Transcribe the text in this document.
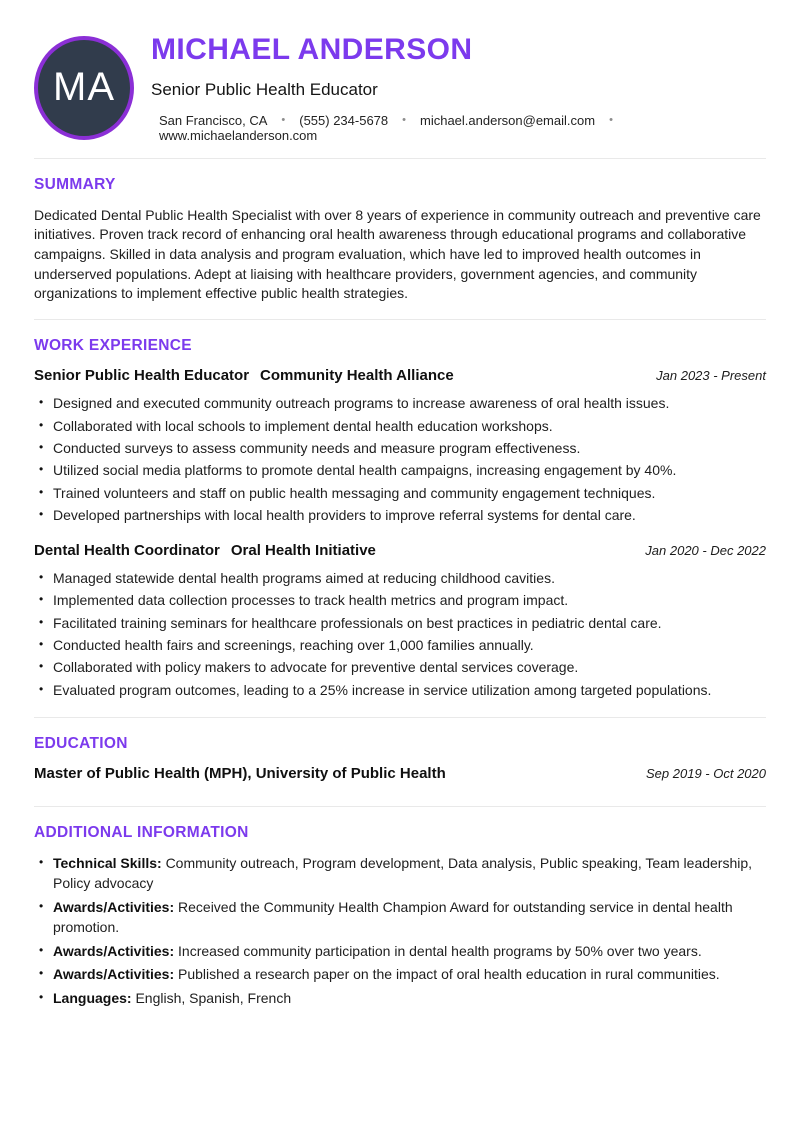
MA
MICHAEL ANDERSON
Senior Public Health Educator
San Francisco, CA • (555) 234-5678 • michael.anderson@email.com •
www.michaelanderson.com
SUMMARY

Dedicated Dental Public Health Specialist with over 8 years of experience in community outreach and preventive care initiatives. Proven track record of enhancing oral health awareness through educational programs and collaborative campaigns. Skilled in data analysis and program evaluation, which have led to improved health outcomes in underserved populations. Adept at liaising with healthcare providers, government agencies, and community organizations to implement effective public health strategies.

WORK EXPERIENCE
Senior Public Health Educator Community Health Alliance	Jan 2023 - Present
• Designed and executed community outreach programs to increase awareness of oral health issues.
• Collaborated with local schools to implement dental health education workshops.
• Conducted surveys to assess community needs and measure program effectiveness.
• Utilized social media platforms to promote dental health campaigns, increasing engagement by 40%.
• Trained volunteers and staff on public health messaging and community engagement techniques.
• Developed partnerships with local health providers to improve referral systems for dental care.
Dental Health Coordinator Oral Health Initiative	Jan 2020 - Dec 2022
• Managed statewide dental health programs aimed at reducing childhood cavities.
• Implemented data collection processes to track health metrics and program impact.
• Facilitated training seminars for healthcare professionals on best practices in pediatric dental care.
• Conducted health fairs and screenings, reaching over 1,000 families annually.
• Collaborated with policy makers to advocate for preventive dental services coverage.
• Evaluated program outcomes, leading to a 25% increase in service utilization among targeted populations.
EDUCATION
Master of Public Health (MPH), University of Public Health	Sep 2019 - Oct 2020
ADDITIONAL INFORMATION
• Technical Skills: Community outreach, Program development, Data analysis, Public speaking, Team leadership, Policy advocacy
• Awards/Activities: Received the Community Health Champion Award for outstanding service in dental health promotion.
• Awards/Activities: Increased community participation in dental health programs by 50% over two years.
• Awards/Activities: Published a research paper on the impact of oral health education in rural communities.
• Languages: English, Spanish, French
